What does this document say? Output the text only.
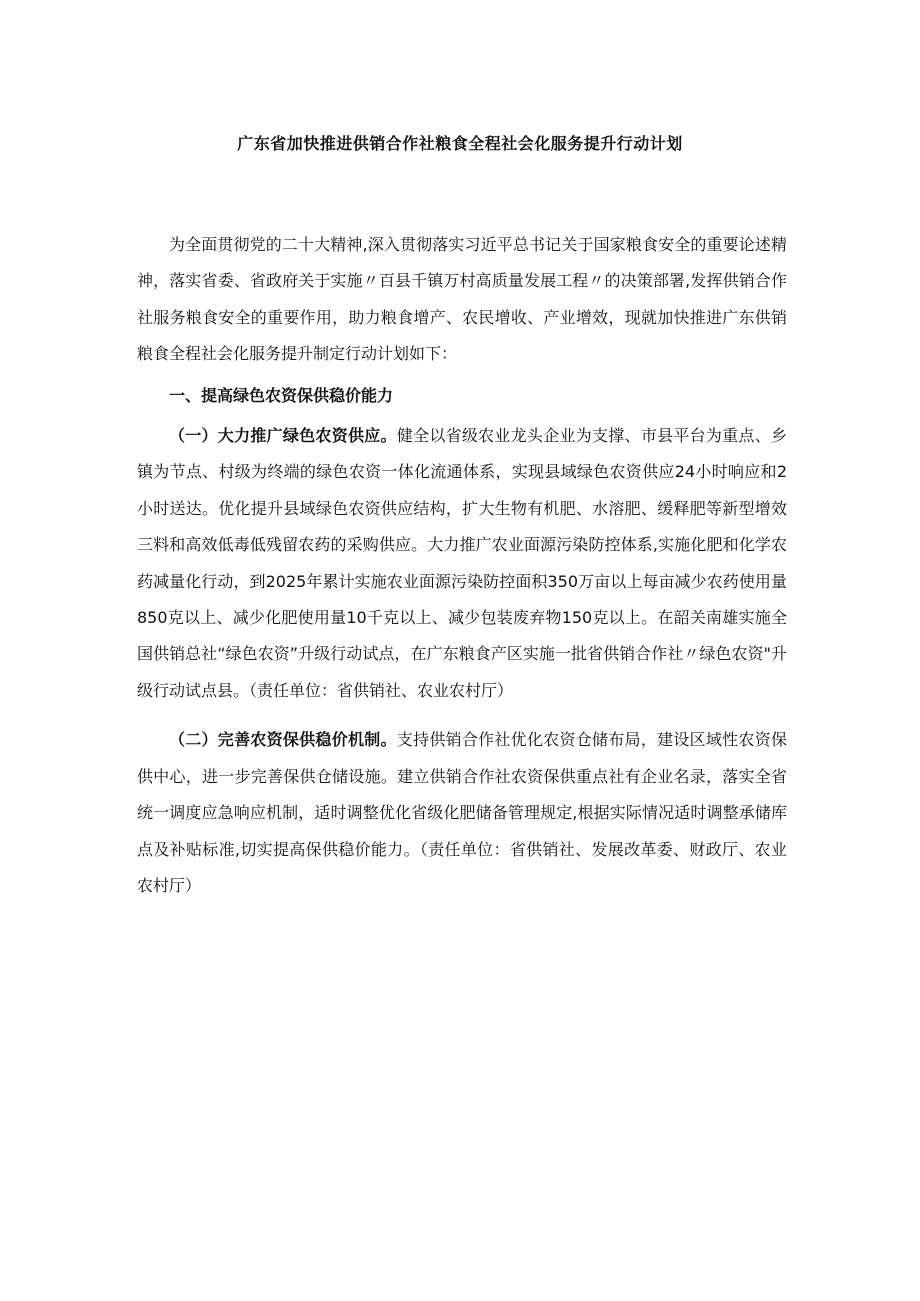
广东省加快推进供销合作社粮食全程社会化服务提升行动计划

为全面贯彻党的二十大精神,深入贯彻落实习近平总书记关于国家粮食安全的重要论述精神，落实省委、省政府关于实施〃百县千镇万村高质量发展工程〃的决策部署,发挥供销合作社服务粮食安全的重要作用，助力粮食增产、农民增收、产业增效，现就加快推进广东供销粮食全程社会化服务提升制定行动计划如下：

一、提高绿色农资保供稳价能力

（一）大力推广绿色农资供应。健全以省级农业龙头企业为支撑、市县平台为重点、乡镇为节点、村级为终端的绿色农资一体化流通体系，实现县域绿色农资供应24小时响应和2小时送达。优化提升县域绿色农资供应结构，扩大生物有机肥、水溶肥、缓释肥等新型增效三料和高效低毒低残留农药的采购供应。大力推广农业面源污染防控体系,实施化肥和化学农药减量化行动，到2025年累计实施农业面源污染防控面积350万亩以上每亩减少农药使用量850克以上、减少化肥使用量10千克以上、减少包装废弃物150克以上。在韶关南雄实施全国供销总社“绿色农资”升级行动试点，在广东粮食产区实施一批省供销合作社〃绿色农资"升级行动试点县。（责任单位：省供销社、农业农村厅）

（二）完善农资保供稳价机制。支持供销合作社优化农资仓储布局，建设区域性农资保供中心，进一步完善保供仓储设施。建立供销合作社农资保供重点社有企业名录，落实全省统一调度应急响应机制，适时调整优化省级化肥储备管理规定,根据实际情况适时调整承储库点及补贴标准,切实提高保供稳价能力。（责任单位：省供销社、发展改革委、财政厅、农业农村厅）
